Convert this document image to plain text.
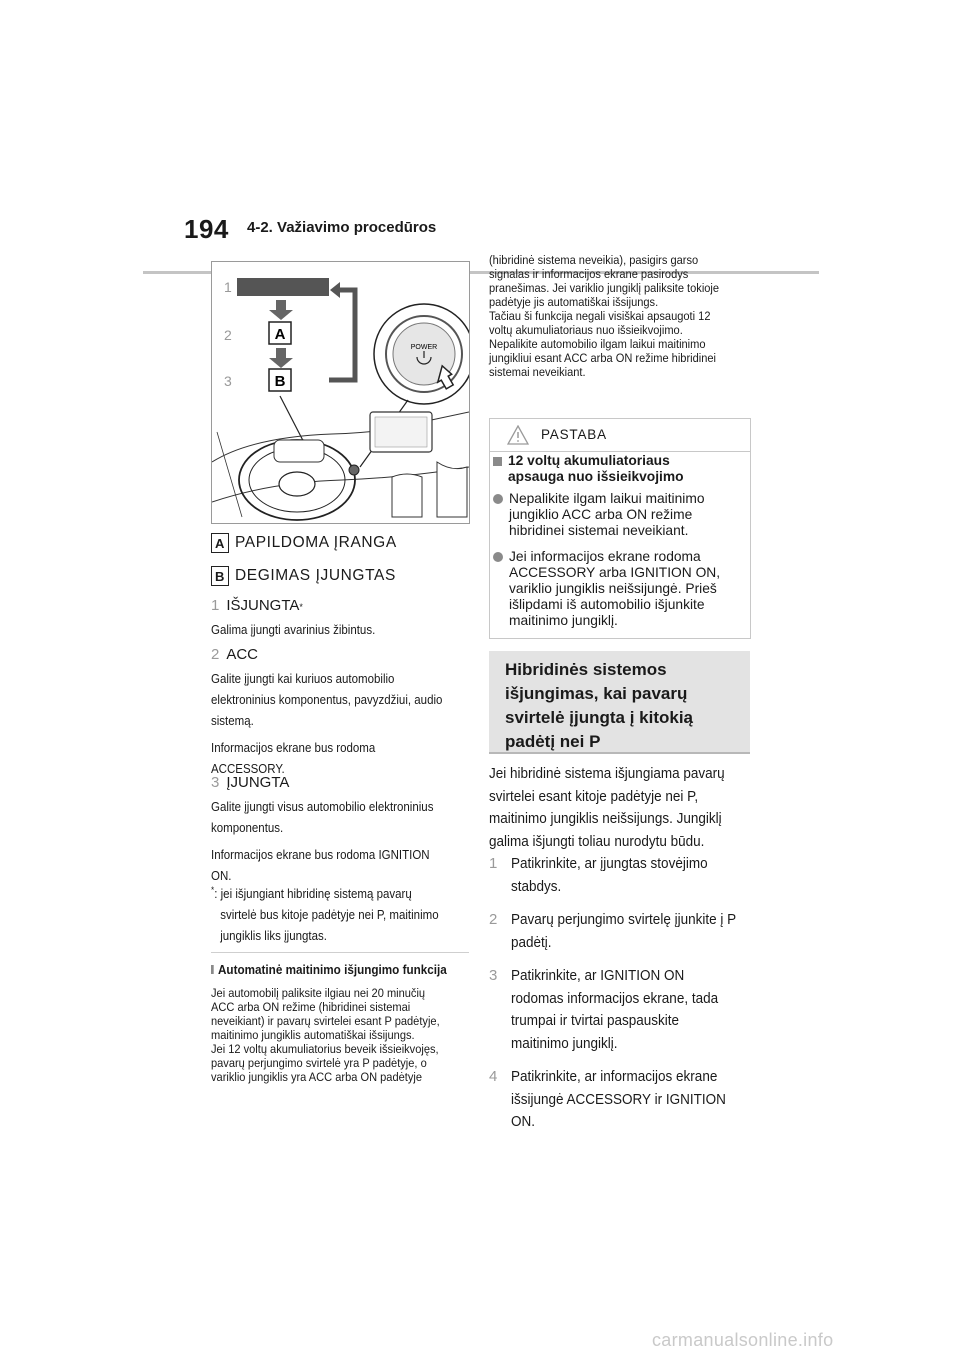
194 4-2. Važiavimo procedūros
1
2	A
3	B
POWER
A PAPILDOMA ĮRANGA
B DEGIMAS ĮJUNGTAS
1 IŠJUNGTA *
Galima įjungti avarinius žibintus.
2 ACC
Galite įjungti kai kuriuos automobilio
elektroninius komponentus, pavyzdžiui, audio
sistemą.
Informacijos ekrane bus rodoma
ACCESSORY.
3 ĮJUNGTA
Galite įjungti visus automobilio elektroninius
komponentus.
Informacijos ekrane bus rodoma IGNITION
ON.
*: jei išjungiant hibridinę sistemą pavarų
svirtelė bus kitoje padėtyje nei P, maitinimo
jungiklis liks įjungtas.
Automatinė maitinimo išjungimo funkcija
Jei automobilį paliksite ilgiau nei 20 minučių
ACC arba ON režime (hibridinei sistemai
neveikiant) ir pavarų svirtelei esant P padėtyje,
maitinimo jungiklis automatiškai išsijungs.
Jei 12 voltų akumuliatorius beveik išsieikvojęs,
pavarų perjungimo svirtelė yra P padėtyje, o
variklio jungiklis yra ACC arba ON padėtyje
(hibridinė sistema neveikia), pasigirs garso
signalas ir informacijos ekrane pasirodys
pranešimas. Jei variklio jungiklį paliksite tokioje
padėtyje jis automatiškai išsijungs.
Tačiau ši funkcija negali visiškai apsaugoti 12
voltų akumuliatoriaus nuo išsieikvojimo.
Nepalikite automobilio ilgam laikui maitinimo
jungikliui esant ACC arba ON režime hibridinei
sistemai neveikiant.
PASTABA
12 voltų akumuliatoriaus
apsauga nuo išsieikvojimo
Nepalikite ilgam laikui maitinimo
jungiklio ACC arba ON režime
hibridinei sistemai neveikiant.
Jei informacijos ekrane rodoma
ACCESSORY arba IGNITION ON,
variklio jungiklis neišsijungė. Prieš
išlipdami iš automobilio išjunkite
maitinimo jungiklį.
Hibridinės sistemos
išjungimas, kai pavarų
svirtelė įjungta į kitokią
padėtį nei P
Jei hibridinė sistema išjungiama pavarų
svirtelei esant kitoje padėtyje nei P,
maitinimo jungiklis neišsijungs. Jungiklį
galima išjungti toliau nurodytu būdu.
1 Patikrinkite, ar įjungtas stovėjimo
stabdys.
2 Pavarų perjungimo svirtelę įjunkite į P
padėtį.
3 Patikrinkite, ar IGNITION ON
rodomas informacijos ekrane, tada
trumpai ir tvirtai paspauskite
maitinimo jungiklį.
4 Patikrinkite, ar informacijos ekrane
išsijungė ACCESSORY ir IGNITION
ON.
carmanualsonline.info
